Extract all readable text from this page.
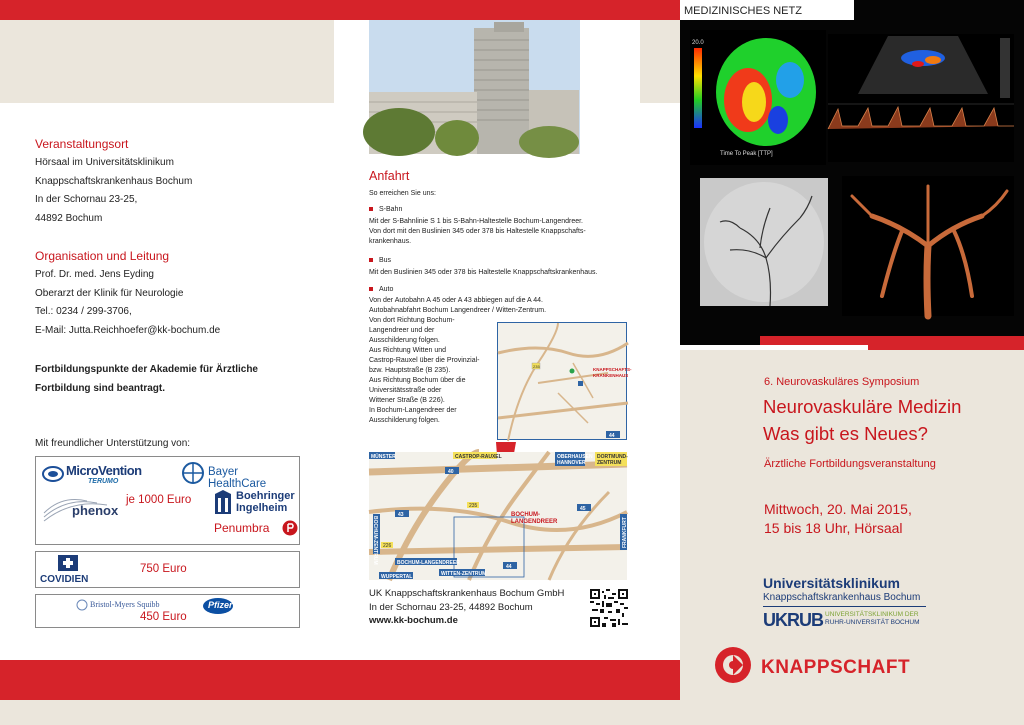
Veranstaltungsort
Hörsaal im Universitätsklinikum
Knappschaftskrankenhaus Bochum
In der Schornau 23-25,
44892 Bochum
Organisation und Leitung
Prof. Dr. med. Jens Eyding
Oberarzt der Klinik für Neurologie
Tel.: 0234 / 299-3706,
E-Mail: Jutta.Reichhoefer@kk-bochum.de
Fortbildungspunkte der Akademie für Ärztliche
Fortbildung sind beantragt.
Mit freundlicher Unterstützung von:
MicroVention
TERUMO
Bayer HealthCare
phenox
je 1000 Euro	Boehringer
Ingelheim
Penumbra
COVIDIEN
750 Euro
Bristol-Myers Squibb	Pfizer
450 Euro
Anfahrt
So erreichen Sie uns:
S-Bahn
Mit der S-Bahnlinie S 1 bis S-Bahn-Haltestelle Bochum-Langendreer.
Von dort mit den Buslinien 345 oder 378 bis Haltestelle Knappschafts-
krankenhaus.
Bus
Mit den Buslinien 345 oder 378 bis Haltestelle Knappschaftskrankenhaus.
Auto
Von der Autobahn A 45 oder A 43 abbiegen auf die A 44.
Autobahnabfahrt Bochum Langendreer / Witten-Zentrum.
Von dort Richtung Bochum-
Langendreer und der
Ausschilderung folgen.
Aus Richtung Witten und
Castrop-Rauxel über die Provinzial-
bzw. Hauptstraße (B 235).
Aus Richtung Bochum über die
Universitätsstraße oder
Wittener Straße (B 226).
In Bochum-Langendreer der
Ausschilderung folgen.
235
KNAPPSCHAFTS-
KRANKENHAUS
44
MÜNSTER	CASTROP-RAUXEL	OBERHAUSEN
HANNOVER
DORTMUND-
ZENTRUM
40
43
45
44
235
226
BOCHUM-
LANGENDREER
BOCHUM-LANGENDREER
WITTEN-ZENTRUM
WUPPERTAL
BOCHUM-ZENTRUM	FRANKFURT
UK Knappschaftskrankenhaus Bochum GmbH
In der Schornau 23-25, 44892 Bochum
www.kk-bochum.de
MEDIZINISCHES NETZ
Time To Peak [TTP]
20.0
6. Neurovaskuläres Symposium
Neurovaskuläre Medizin
Was gibt es Neues?
Ärztliche Fortbildungsveranstaltung
Mittwoch, 20. Mai 2015,
15 bis 18 Uhr, Hörsaal
Universitätsklinikum
Knappschaftskrankenhaus Bochum
UKRUB UNIVERSITÄTSKLINIKUM DER
RUHR-UNIVERSITÄT BOCHUM
KNAPPSCHAFT
